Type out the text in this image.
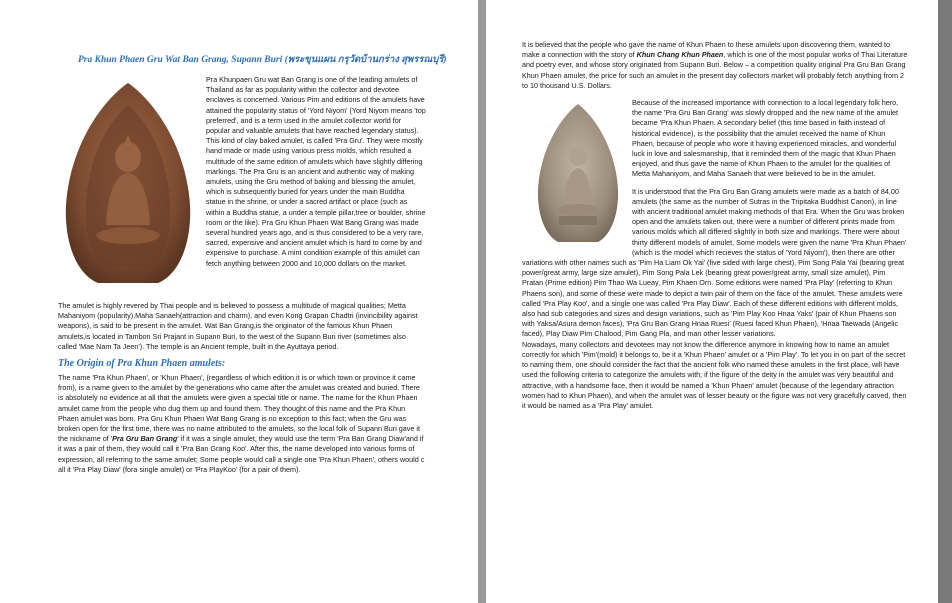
Pra Khun Phaen Gru Wat Ban Grang, Supann Buri (พระขุนแผน กรุวัดบ้านกร่าง สุพรรณบุรี)

Pra Khunpaen Gru wat Ban Grang is one of the leading amulets of Thailand as far as popularity within the collector and devotee enclaves is concerned. Various Pim and editions of the amulets have attained the popularity status of 'Yord Niyom' (Yord Niyom means 'top preferred', and is a term used in the amulet collector world for popular and valuable amulets that have reached legendary status). This kind of clay baked amulet, is called 'Pra Gru'. They were mostly hand made or made using various press molds, which resulted a multitude of the same edition of amulets which have slightly differing markings. The Pra Gru is an ancient and authentic way of making amulets, using the Gru method of baking and blessing the amulet, which is subsequently buried for years under the main Buddha statue in the shrine, or under a sacred artifact or place (such as within a Buddha statue, a under a temple pillar,tree or boulder, shrine room or the like). Pra Gru Khun Phaen Wat Bang Grang was made several hundred years ago, and is thus considered to be a very rare, sacred, expensive and ancient amulet which is hard to come by and expensive to purchase. A mint condition example of this amulet can fetch anything between 2000 and 10,000 dollars on the market.

The amulet is highly revered by Thai people and is believed to possess a multitude of magical qualities; Metta Mahaniyom (popularity),Maha Sanaeh(attraction and charm), and even Kong Grapan Chadtri (invincibility against weapons), is said to be present in the amulet. Wat Ban Grang,is the originator of the famous Khun Phaen amulets,is located in Tambon Sri Prajant in Supann Buri, to the west of the Supann Buri river (sometimes also called 'Mae Nam Ta Jeen'). The temple is an Ancient temple, built in the Ayuttaya period.

The Origin of Pra Khun Phaen amulets:

The name 'Pra Khun Phaen', or 'Khun Phaen', (regardless of which edition it is or which town or province it came from), is a name given to the amulet by the generations who came after the amulet was created and buried. There is absolutely no evidence at all that the amulets were given a special title or name. The name for the Khun Phaen amulet came from the people who dug them up and found them. They thought of this name and the Pra Khun Phaen amulet was born. Pra Gru Khun Phaen Wat Bang Grang is no exception to this fact; when the Gru was broken open for the first time, there was no name attributed to the amulets, so the local folk of Supann Buri gave it the nickname of 'Pra Gru Ban Grang' if it was a single amulet, they would use the term 'Pra Ban Grang Diaw'and if it was a pair of them, they would call it 'Pra Ban Grang Koo'. After this, the name developed into various forms of expression, all referring to the same amulet; Some people would call a single one 'Pra Khun Phaen', others would c all it 'Pra Play Diaw' (fora single amulet) or 'Pra PlayKoo' (for a pair of them).

It is believed that the people who gave the name of Khun Phaen to these amulets upon discovering them, wanted to make a connection with the story of Khun Chang Khun Phaen, which is one of the most popular works of Thai Literature and poetry ever, and whose story originated from Supann Buri. Below – a competition quality original Pra Gru Ban Grang Khun Phaen amulet, the price for such an amulet in the present day collectors market will probably fetch anything from 2 to 10 thousand U.S. Dollars.

Because of the increased importance with connection to a local legendary folk hero, the name 'Pra Gru Ban Grang' was slowly dropped and the new name of the amulet became 'Pra Khun Phaen. A secondary belief (this time based in faith instead of historical evidence), is the possibility that the amulet received the name of Khun Phaen, because of people who wore it having experienced miracles, and wonderful luck in love and salesmanship, that it reminded them of the magic that Khun Phaen enjoyed, and thus gave the name of Khun Phaen to the amulet for the qualities of Metta Mahaniyom, and Maha Sanaeh that were believed to be in the amulet.

It is understood that the Pra Gru Ban Grang amulets were made as a batch of 84,00 amulets (the same as the number of Sutras in the Tripitaka Buddhist Canon), in line with ancient traditional amulet making methods of that Era. When the Gru was broken open and the amulets taken out, there were a number of different prints made from various molds which all differed slightly in both size and markings. There were about thirty different models of amulet, Some models were given the name 'Pra Khun Phaen' (which is the model which recieves the status of 'Yord Niyom'), then there are other variations with other names such as 'Pim Ha Liam Ok Yai' (five sided with large chest), Pim Song Pala Yai (bearing great power/great army, large size amulet), Pim Song Pala Lek (bearing great power/great army, small size amulet), Pim Pratan (Prime edition) Pim Thao Wa Lueay, Pim Khaen Orn. Some editions were named 'Pra Play' (referring to Khun Phaens son), and some of these were made to depict a twin pair of them on the face of the amulet. These amulets were called 'Pra Play Koo', and a single one was called 'Pra Play Diaw'. Each of these different editions with different molds, also had sub categories and sizes and design variations, such as 'Pim Play Koo Hnaa Yaks' (pair of Khun Phaens son with Yaksa/Asura demon faces), 'Pra Gru Ban Grang Hnaa Ruesi' (Ruesi faced Khun Phaen), 'Hnaa Taewada (Angelic faced), Play Diaw Pim Chalood, Pim Gang Pla, and man other lesser variations.

Nowadays, many collectors and devotees may not know the difference anymore in knowing how to name an amulet correctly for which 'Pim'(mold) it belongs to, be it a 'Khun Phaen' amulet or a 'Pim Play'. To let you in on part of the secret to naming them, one should consider the fact that the ancient folk who named these amulets in the first place, will have used the following criteria to categorize the amulets with; if the figure of the deity in the amulet was very beautiful and attractive, with a handsome face, then it would be named a 'Khun Phaen' amulet (because of the legendary attraction women had to Khun Phaen), and when the amulet was of lesser beauty or the figure was not very gracefully carved, then it would be named as a 'Pra Play' amulet.
